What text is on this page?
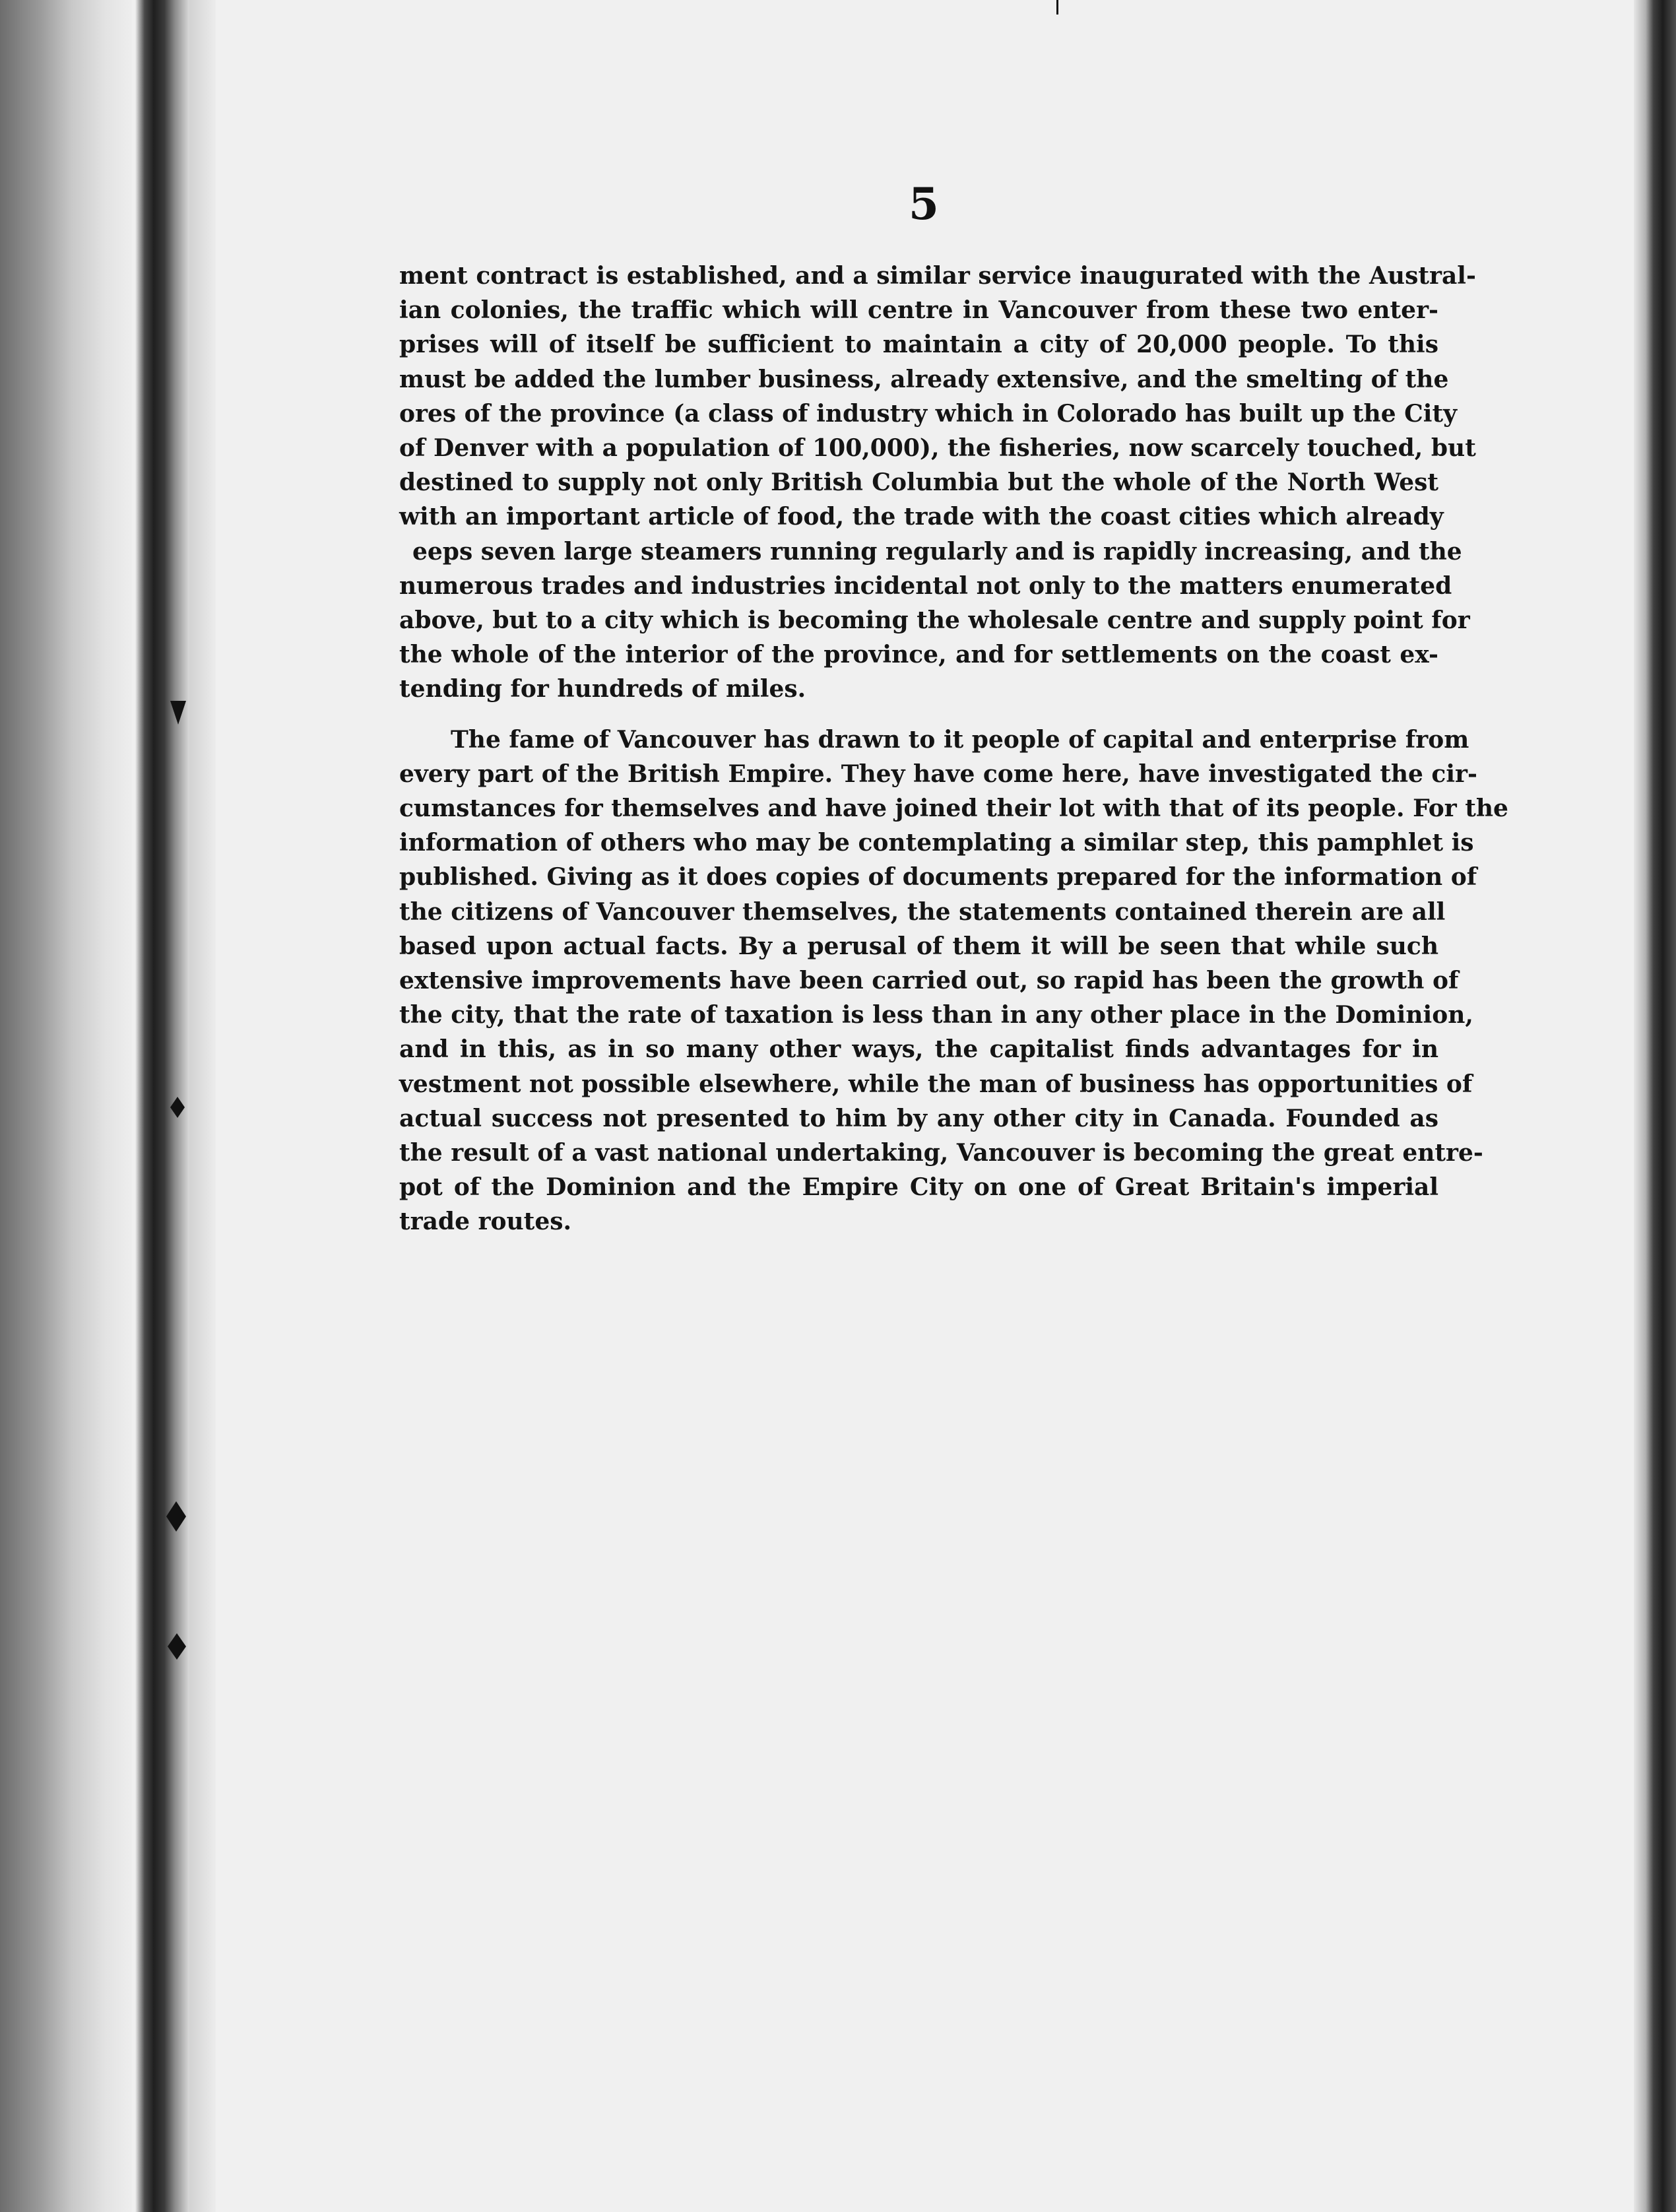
5

ment contract is established, and a similar service inaugurated with the Austral-
ian colonies, the traffic which will centre in Vancouver from these two enter-
prises will of itself be sufficient to maintain a city of 20,000 people. To this
must be added the lumber business, already extensive, and the smelting of the
ores of the province (a class of industry which in Colorado has built up the City
of Denver with a population of 100,000), the fisheries, now scarcely touched, but
destined to supply not only British Columbia but the whole of the North West
with an important article of food, the trade with the coast cities which already
eeps seven large steamers running regularly and is rapidly increasing, and the
numerous trades and industries incidental not only to the matters enumerated
above, but to a city which is becoming the wholesale centre and supply point for
the whole of the interior of the province, and for settlements on the coast ex-
tending for hundreds of miles.

The fame of Vancouver has drawn to it people of capital and enterprise from
every part of the British Empire. They have come here, have investigated the cir-
cumstances for themselves and have joined their lot with that of its people. For the
information of others who may be contemplating a similar step, this pamphlet is
published. Giving as it does copies of documents prepared for the information of
the citizens of Vancouver themselves, the statements contained therein are all
based upon actual facts. By a perusal of them it will be seen that while such
extensive improvements have been carried out, so rapid has been the growth of
the city, that the rate of taxation is less than in any other place in the Dominion,
and in this, as in so many other ways, the capitalist finds advantages for in
vestment not possible elsewhere, while the man of business has opportunities of
actual success not presented to him by any other city in Canada. Founded as
the result of a vast national undertaking, Vancouver is becoming the great entre-
pot of the Dominion and the Empire City on one of Great Britain's imperial
trade routes.
